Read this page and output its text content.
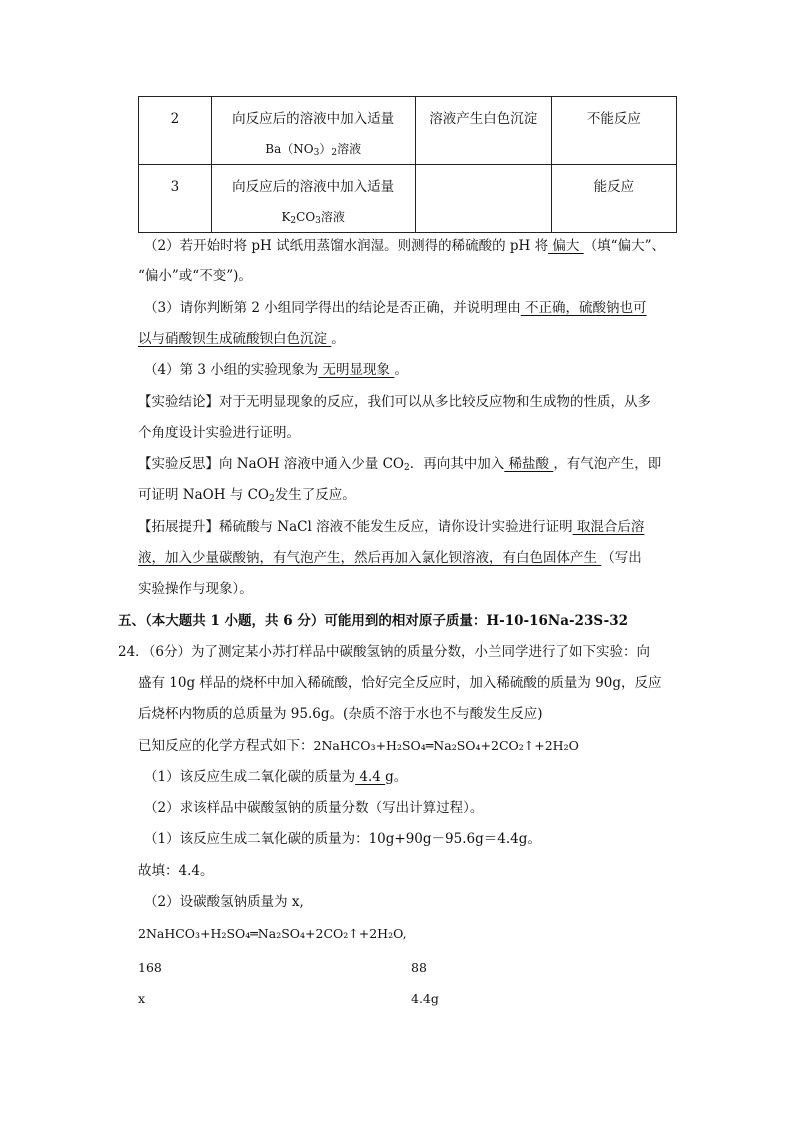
2	向反应后的溶液中加入适量
$Ba(NO_3)_2$溶液	溶液产生白色沉淀	不能反应
3	向反应后的溶液中加入适量
$K_2CO_3$溶液		能反应
（2）若开始时将 pH 试纸用蒸馏水润湿。则测得的稀硫酸的 pH 将 偏大 （填“偏大”、
“偏小”或“不变”)。
（3）请你判断第 2 小组同学得出的结论是否正确，并说明理由 不正确，硫酸钠也可
以与硝酸钡生成硫酸钡白色沉淀 。
（4）第 3 小组的实验现象为 无明显现象 。
【实验结论】对于无明显现象的反应，我们可以从多比较反应物和生成物的性质，从多
个角度设计实验进行证明。
【实验反思】向 NaOH 溶液中通入少量 $CO_2$．再向其中加入 稀盐酸 ，有气泡产生，即
可证明 NaOH 与 $CO_2$发生了反应。
【拓展提升】稀硫酸与 NaCl 溶液不能发生反应，请你设计实验进行证明 取混合后溶
液，加入少量碳酸钠，有气泡产生，然后再加入氯化钡溶液，有白色固体产生 （写出
实验操作与现象）。
五、（本大题共 1 小题，共 6 分）可能用到的相对原子质量：H-10-16Na-23S-32
24．（6分）为了测定某小苏打样品中碳酸氢钠的质量分数，小兰同学进行了如下实验：向
盛有 10g 样品的烧杯中加入稀硫酸，恰好完全反应时，加入稀硫酸的质量为 90g，反应
后烧杯内物质的总质量为 95.6g。(杂质不溶于水也不与酸发生反应)
已知反应的化学方程式如下：2NaHCO₃+H₂SO₄═Na₂SO₄+2CO₂↑+2H₂O
（1）该反应生成二氧化碳的质量为 4.4 g。
（2）求该样品中碳酸氢钠的质量分数（写出计算过程）。
（1）该反应生成二氧化碳的质量为：10g+90g－95.6g＝4.4g。
故填：4.4。
（2）设碳酸氢钠质量为 x,
2NaHCO₃+H₂SO₄═Na₂SO₄+2CO₂↑+2H₂O,
168	88
x	4.4g
